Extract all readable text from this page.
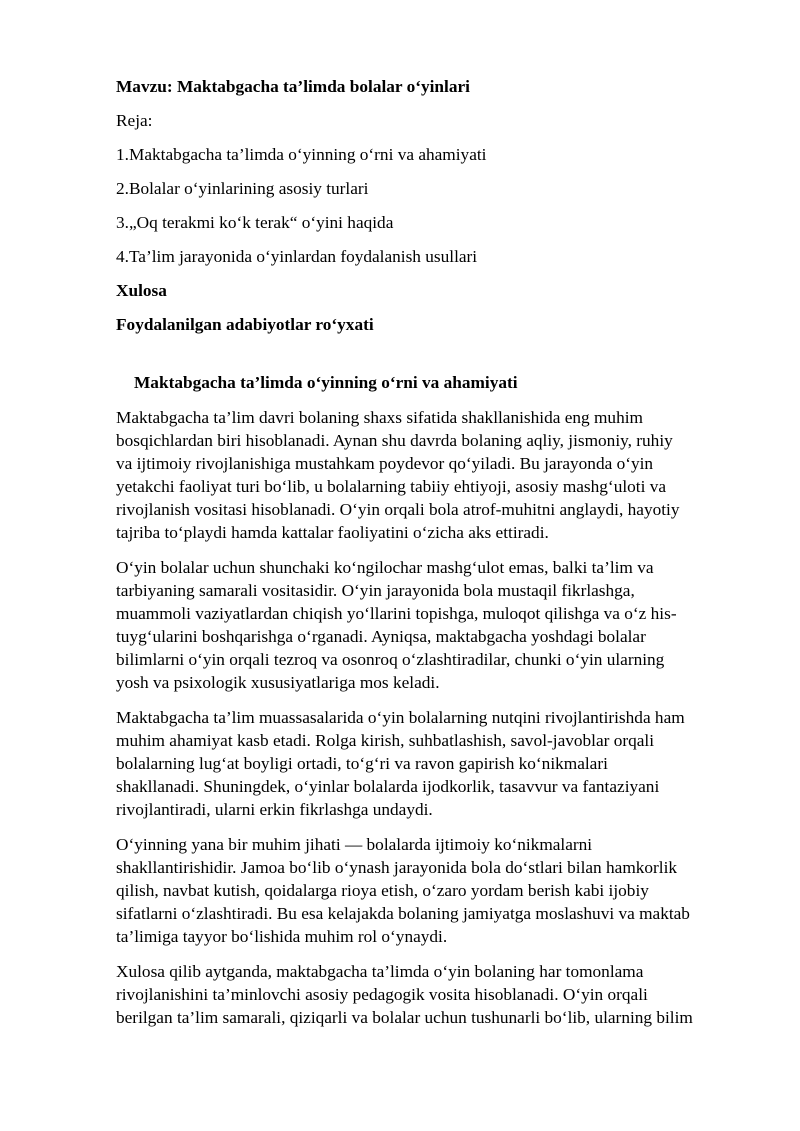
Mavzu: Maktabgacha ta’limda bolalar o‘yinlari

Reja:

1.Maktabgacha ta’limda o‘yinning o‘rni va ahamiyati

2.Bolalar o‘yinlarining asosiy turlari

3.„Oq terakmi ko‘k terak“ o‘yini haqida

4.Ta’lim jarayonida o‘yinlardan foydalanish usullari

Xulosa

Foydalanilgan adabiyotlar ro‘yxati

Maktabgacha ta’limda o‘yinning o‘rni va ahamiyati

Maktabgacha ta’lim davri bolaning shaxs sifatida shakllanishida eng muhim
bosqichlardan biri hisoblanadi. Aynan shu davrda bolaning aqliy, jismoniy, ruhiy
va ijtimoiy rivojlanishiga mustahkam poydevor qo‘yiladi. Bu jarayonda o‘yin
yetakchi faoliyat turi bo‘lib, u bolalarning tabiiy ehtiyoji, asosiy mashg‘uloti va
rivojlanish vositasi hisoblanadi. O‘yin orqali bola atrof-muhitni anglaydi, hayotiy
tajriba to‘playdi hamda kattalar faoliyatini o‘zicha aks ettiradi.
O‘yin bolalar uchun shunchaki ko‘ngilochar mashg‘ulot emas, balki ta’lim va
tarbiyaning samarali vositasidir. O‘yin jarayonida bola mustaqil fikrlashga,
muammoli vaziyatlardan chiqish yo‘llarini topishga, muloqot qilishga va o‘z his-
tuyg‘ularini boshqarishga o‘rganadi. Ayniqsa, maktabgacha yoshdagi bolalar
bilimlarni o‘yin orqali tezroq va osonroq o‘zlashtiradilar, chunki o‘yin ularning
yosh va psixologik xususiyatlariga mos keladi.
Maktabgacha ta’lim muassasalarida o‘yin bolalarning nutqini rivojlantirishda ham
muhim ahamiyat kasb etadi. Rolga kirish, suhbatlashish, savol-javoblar orqali
bolalarning lug‘at boyligi ortadi, to‘g‘ri va ravon gapirish ko‘nikmalari
shakllanadi. Shuningdek, o‘yinlar bolalarda ijodkorlik, tasavvur va fantaziyani
rivojlantiradi, ularni erkin fikrlashga undaydi.
O‘yinning yana bir muhim jihati — bolalarda ijtimoiy ko‘nikmalarni
shakllantirishidir. Jamoa bo‘lib o‘ynash jarayonida bola do‘stlari bilan hamkorlik
qilish, navbat kutish, qoidalarga rioya etish, o‘zaro yordam berish kabi ijobiy
sifatlarni o‘zlashtiradi. Bu esa kelajakda bolaning jamiyatga moslashuvi va maktab
ta’limiga tayyor bo‘lishida muhim rol o‘ynaydi.
Xulosa qilib aytganda, maktabgacha ta’limda o‘yin bolaning har tomonlama
rivojlanishini ta’minlovchi asosiy pedagogik vosita hisoblanadi. O‘yin orqali
berilgan ta’lim samarali, qiziqarli va bolalar uchun tushunarli bo‘lib, ularning bilim
